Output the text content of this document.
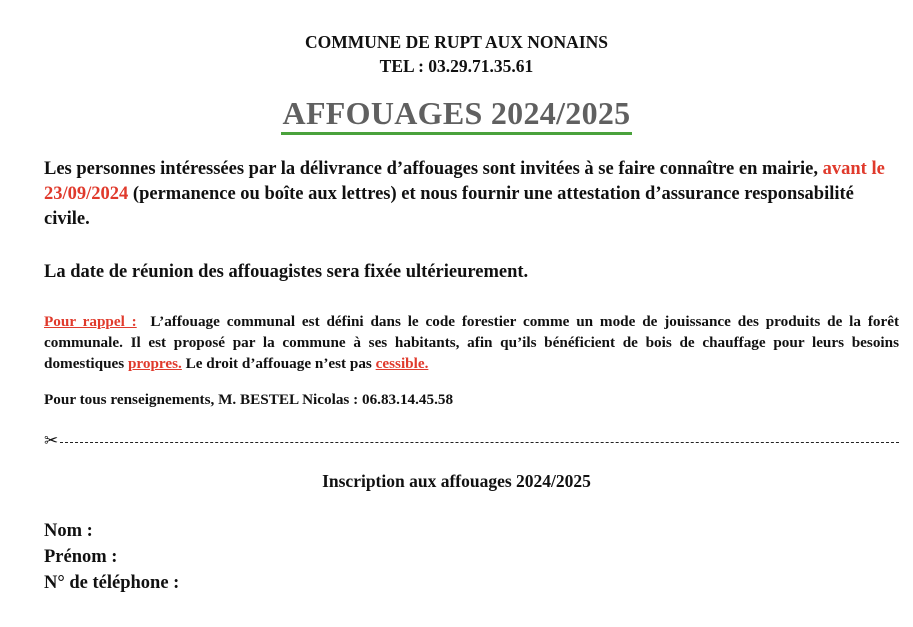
COMMUNE DE RUPT AUX NONAINS
TEL : 03.29.71.35.61
AFFOUAGES 2024/2025
Les personnes intéressées par la délivrance d’affouages sont invitées à se faire connaître en mairie, avant le 23/09/2024 (permanence ou boîte aux lettres) et nous fournir une attestation d’assurance responsabilité civile.
La date de réunion des affouagistes sera fixée ultérieurement.
Pour rappel :  L’affouage communal est défini dans le code forestier comme un mode de jouissance des produits de la forêt communale. Il est proposé par la commune à ses habitants, afin qu’ils bénéficient de bois de chauffage pour leurs besoins domestiques propres. Le droit d’affouage n’est pas cessible.
Pour tous renseignements, M. BESTEL Nicolas : 06.83.14.45.58
✂
Inscription aux affouages 2024/2025
Nom :
Prénom :
N° de téléphone :
